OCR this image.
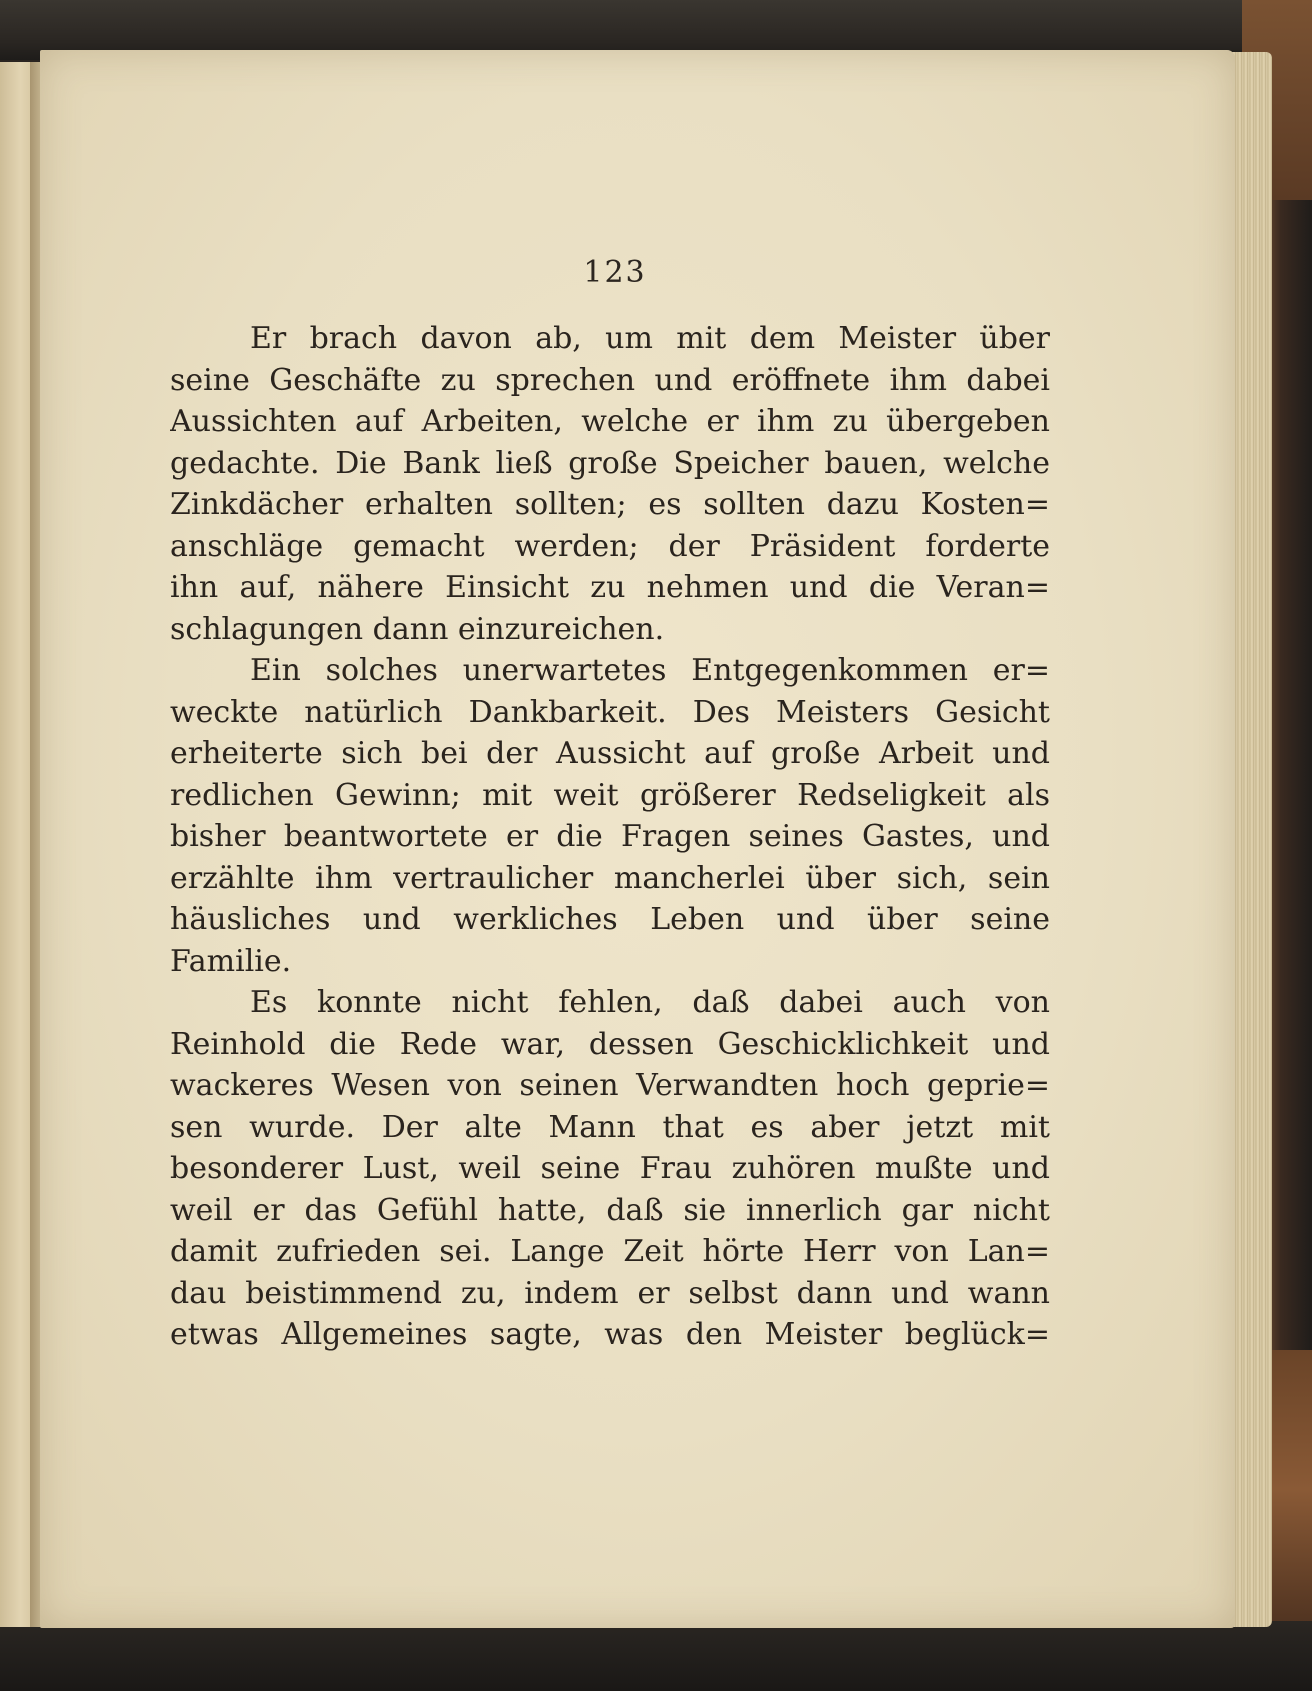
123
Er brach davon ab, um mit dem Meister über
seine Geschäfte zu sprechen und eröffnete ihm dabei
Aussichten auf Arbeiten, welche er ihm zu übergeben
gedachte. Die Bank ließ große Speicher bauen, welche
Zinkdächer erhalten sollten; es sollten dazu Kosten=
anschläge gemacht werden; der Präsident forderte
ihn auf, nähere Einsicht zu nehmen und die Veran=
schlagungen dann einzureichen.
Ein solches unerwartetes Entgegenkommen er=
weckte natürlich Dankbarkeit. Des Meisters Gesicht
erheiterte sich bei der Aussicht auf große Arbeit und
redlichen Gewinn; mit weit größerer Redseligkeit als
bisher beantwortete er die Fragen seines Gastes, und
erzählte ihm vertraulicher mancherlei über sich, sein
häusliches und werkliches Leben und über seine
Familie.
Es konnte nicht fehlen, daß dabei auch von
Reinhold die Rede war, dessen Geschicklichkeit und
wackeres Wesen von seinen Verwandten hoch geprie=
sen wurde. Der alte Mann that es aber jetzt mit
besonderer Lust, weil seine Frau zuhören mußte und
weil er das Gefühl hatte, daß sie innerlich gar nicht
damit zufrieden sei. Lange Zeit hörte Herr von Lan=
dau beistimmend zu, indem er selbst dann und wann
etwas Allgemeines sagte, was den Meister beglück=
